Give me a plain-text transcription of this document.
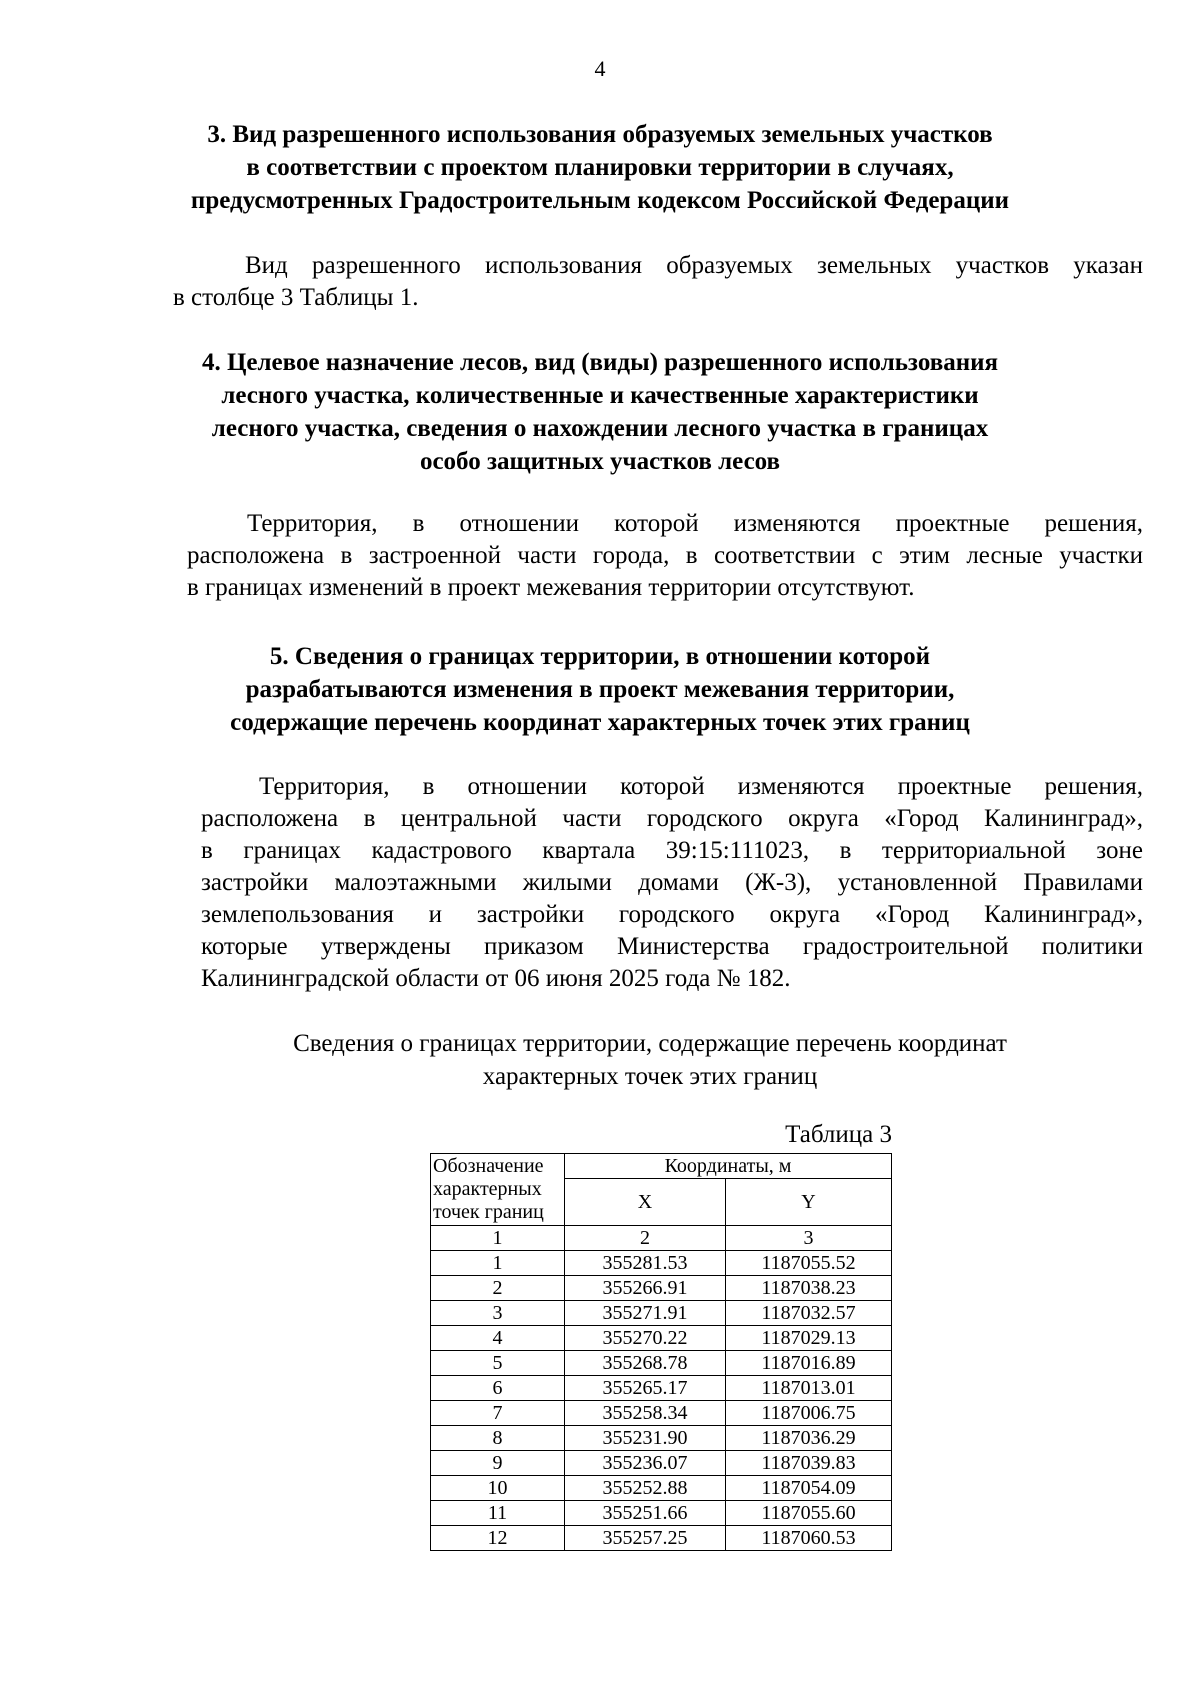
4
3. Вид разрешенного использования образуемых земельных участков
в соответствии с проектом планировки территории в случаях,
предусмотренных Градостроительным кодексом Российской Федерации
Вид разрешенного использования образуемых земельных участков указан
в столбце 3 Таблицы 1.
4. Целевое назначение лесов, вид (виды) разрешенного использования
лесного участка, количественные и качественные характеристики
лесного участка, сведения о нахождении лесного участка в границах
особо защитных участков лесов
Территория, в отношении которой изменяются проектные решения,
расположена в застроенной части города, в соответствии с этим лесные участки
в границах изменений в проект межевания территории отсутствуют.
5. Сведения о границах территории, в отношении которой
разрабатываются изменения в проект межевания территории,
содержащие перечень координат характерных точек этих границ
Территория, в отношении которой изменяются проектные решения,
расположена в центральной части городского округа «Город Калининград»,
в границах кадастрового квартала 39:15:111023, в территориальной зоне
застройки малоэтажными жилыми домами (Ж-3), установленной Правилами
землепользования и застройки городского округа «Город Калининград»,
которые утверждены приказом Министерства градостроительной политики
Калининградской области от 06 июня 2025 года № 182.
Сведения о границах территории, содержащие перечень координат
характерных точек этих границ
Таблица 3
Обозначение
характерных
точек границ	Координаты, м	
	X	Y
1	2	3
1	355281.53	1187055.52
2	355266.91	1187038.23
3	355271.91	1187032.57
4	355270.22	1187029.13
5	355268.78	1187016.89
6	355265.17	1187013.01
7	355258.34	1187006.75
8	355231.90	1187036.29
9	355236.07	1187039.83
10	355252.88	1187054.09
11	355251.66	1187055.60
12	355257.25	1187060.53
